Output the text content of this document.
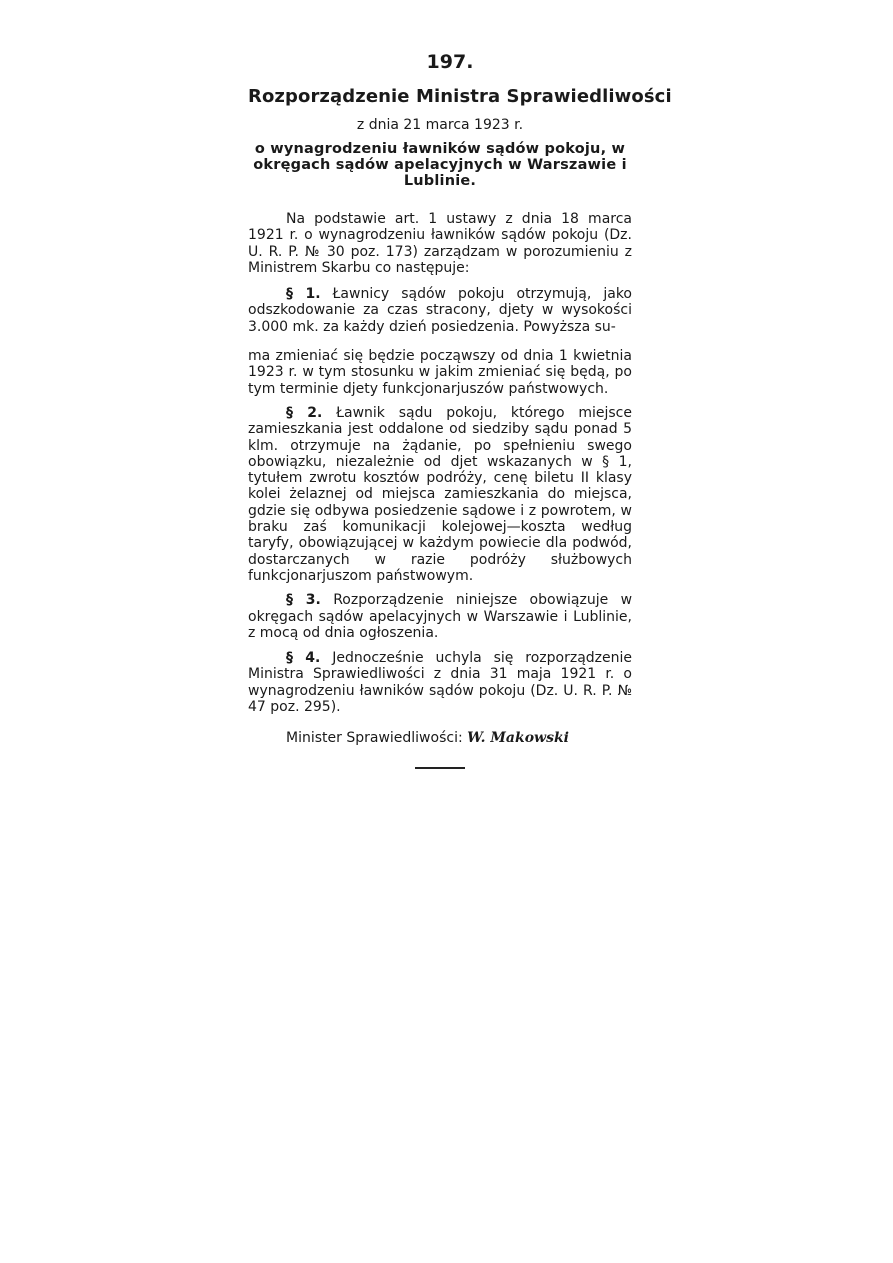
197.
Rozporządzenie Ministra Sprawiedliwości
z dnia 21 marca 1923 r.
o wynagrodzeniu ławników sądów pokoju, w okręgach sądów apelacyjnych w Warszawie i Lublinie.

Na podstawie art. 1 ustawy z dnia 18 marca 1921 r. o wynagrodzeniu ławników sądów pokoju (Dz. U. R. P. № 30 poz. 173) zarządzam w porozumieniu z Ministrem Skarbu co następuje:

§ 1. Ławnicy sądów pokoju otrzymują, jako odszkodowanie za czas stracony, djety w wysokości 3.000 mk. za każdy dzień posiedzenia. Powyższa su-

ma zmieniać się będzie począwszy od dnia 1 kwietnia 1923 r. w tym stosunku w jakim zmieniać się będą, po tym terminie djety funkcjonarjuszów państwowych.

§ 2. Ławnik sądu pokoju, którego miejsce zamieszkania jest oddalone od siedziby sądu ponad 5 klm. otrzymuje na żądanie, po spełnieniu swego obowiązku, niezależnie od djet wskazanych w § 1, tytułem zwrotu kosztów podróży, cenę biletu II klasy kolei żelaznej od miejsca zamieszkania do miejsca, gdzie się odbywa posiedzenie sądowe i z powrotem, w braku zaś komunikacji kolejowej—koszta według taryfy, obowiązującej w każdym powiecie dla podwód, dostarczanych w razie podróży służbowych funkcjonarjuszom państwowym.

§ 3. Rozporządzenie niniejsze obowiązuje w okręgach sądów apelacyjnych w Warszawie i Lublinie, z mocą od dnia ogłoszenia.

§ 4. Jednocześnie uchyla się rozporządzenie Ministra Sprawiedliwości z dnia 31 maja 1921 r. o wynagrodzeniu ławników sądów pokoju (Dz. U. R. P. № 47 poz. 295).

Minister Sprawiedliwości: W. Makowski
